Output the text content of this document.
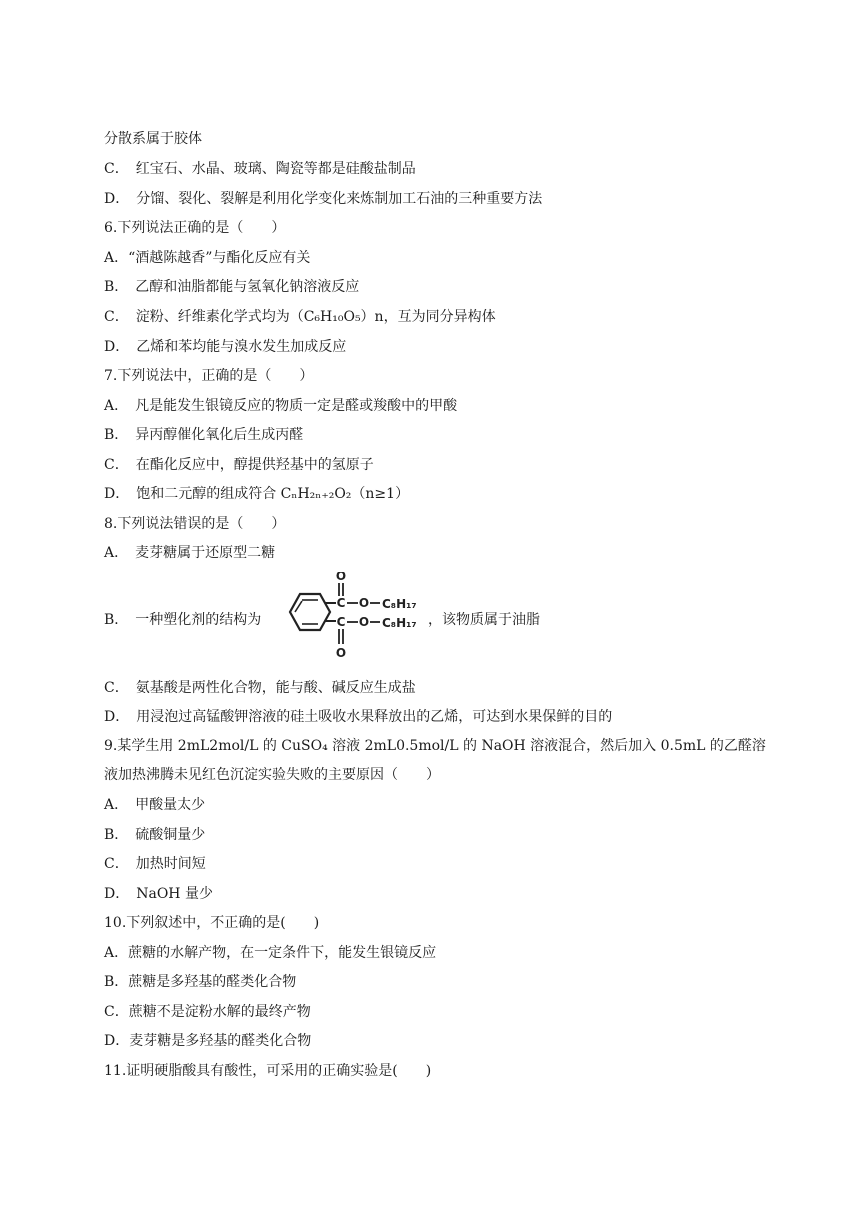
分散系属于胶体
C．　红宝石、水晶、玻璃、陶瓷等都是硅酸盐制品
D．　分馏、裂化、裂解是利用化学变化来炼制加工石油的三种重要方法
6.下列说法正确的是（　　）
A．“酒越陈越香”与酯化反应有关
B．　乙醇和油脂都能与氢氧化钠溶液反应
C．　淀粉、纤维素化学式均为（C₆H₁₀O₅）n，互为同分异构体
D．　乙烯和苯均能与溴水发生加成反应
7.下列说法中，正确的是（　　）
A．　凡是能发生银镜反应的物质一定是醛或羧酸中的甲酸
B．　异丙醇催化氧化后生成丙醛
C．　在酯化反应中，醇提供羟基中的氢原子
D．　饱和二元醇的组成符合 CₙH₂ₙ₊₂O₂（n≥1）
8.下列说法错误的是（　　）
A．　麦芽糖属于还原型二糖
B．　一种塑化剂的结构为
O
C O C₈H₁₇
C O C₈H₁₇
O
，该物质属于油脂
C．　氨基酸是两性化合物，能与酸、碱反应生成盐
D．　用浸泡过高锰酸钾溶液的硅土吸收水果释放出的乙烯，可达到水果保鲜的目的
9.某学生用 2mL2mol/L 的 CuSO₄ 溶液 2mL0.5mol/L 的 NaOH 溶液混合，然后加入 0.5mL 的乙醛溶
液加热沸腾未见红色沉淀实验失败的主要原因（　　）
A．　甲酸量太少
B．　硫酸铜量少
C．　加热时间短
D．　NaOH 量少
10.下列叙述中，不正确的是(　　)
A．蔗糖的水解产物，在一定条件下，能发生银镜反应
B．蔗糖是多羟基的醛类化合物
C．蔗糖不是淀粉水解的最终产物
D．麦芽糖是多羟基的醛类化合物
11.证明硬脂酸具有酸性，可采用的正确实验是(　　)
